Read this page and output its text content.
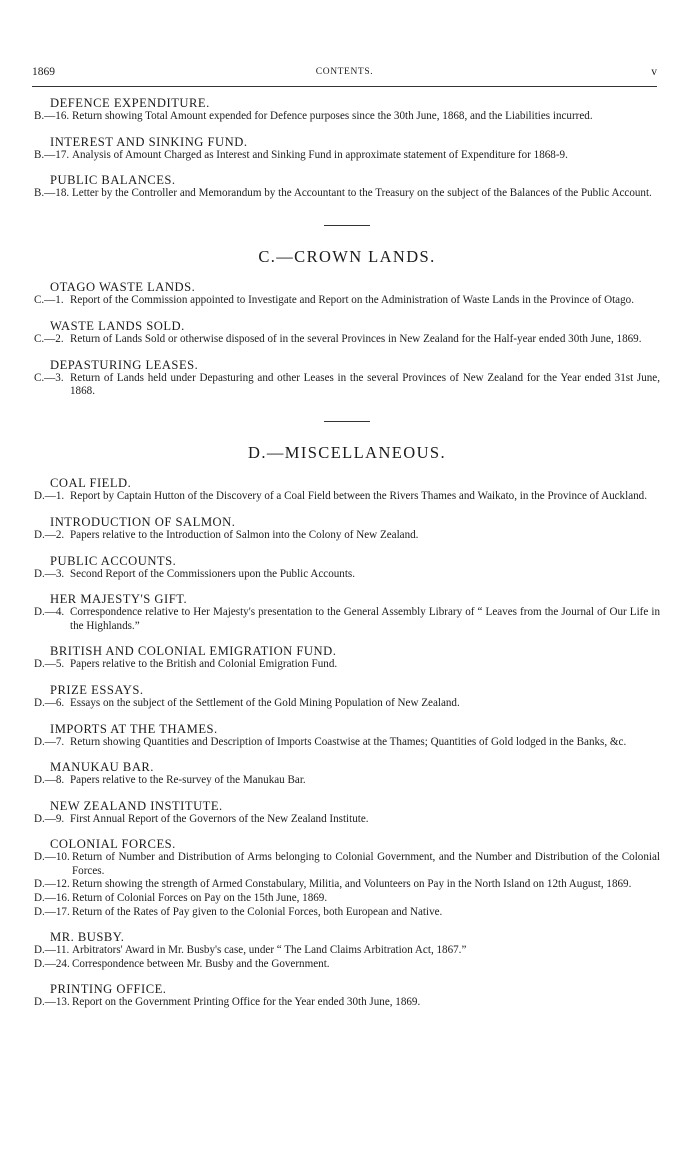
1869	CONTENTS.	v
DEFENCE EXPENDITURE.
B.—16. Return showing Total Amount expended for Defence purposes since the 30th June, 1868, and the Liabilities incurred.
INTEREST AND SINKING FUND.
B.—17. Analysis of Amount Charged as Interest and Sinking Fund in approximate statement of Expenditure for 1868-9.
PUBLIC BALANCES.
B.—18. Letter by the Controller and Memorandum by the Accountant to the Treasury on the subject of the Balances of the Public Account.
C.—CROWN LANDS.
OTAGO WASTE LANDS.
C.—1. Report of the Commission appointed to Investigate and Report on the Administration of Waste Lands in the Province of Otago.
WASTE LANDS SOLD.
C.—2. Return of Lands Sold or otherwise disposed of in the several Provinces in New Zealand for the Half-year ended 30th June, 1869.
DEPASTURING LEASES.
C.—3. Return of Lands held under Depasturing and other Leases in the several Provinces of New Zealand for the Year ended 31st June, 1868.
D.—MISCELLANEOUS.
COAL FIELD.
D.—1. Report by Captain Hutton of the Discovery of a Coal Field between the Rivers Thames and Waikato, in the Province of Auckland.
INTRODUCTION OF SALMON.
D.—2. Papers relative to the Introduction of Salmon into the Colony of New Zealand.
PUBLIC ACCOUNTS.
D.—3. Second Report of the Commissioners upon the Public Accounts.
HER MAJESTY'S GIFT.
D.—4. Correspondence relative to Her Majesty's presentation to the General Assembly Library of “ Leaves from the Journal of Our Life in the Highlands.”
BRITISH AND COLONIAL EMIGRATION FUND.
D.—5. Papers relative to the British and Colonial Emigration Fund.
PRIZE ESSAYS.
D.—6. Essays on the subject of the Settlement of the Gold Mining Population of New Zealand.
IMPORTS AT THE THAMES.
D.—7. Return showing Quantities and Description of Imports Coastwise at the Thames; Quantities of Gold lodged in the Banks, &c.
MANUKAU BAR.
D.—8. Papers relative to the Re-survey of the Manukau Bar.
NEW ZEALAND INSTITUTE.
D.—9. First Annual Report of the Governors of the New Zealand Institute.
COLONIAL FORCES.
D.—10. Return of Number and Distribution of Arms belonging to Colonial Government, and the Number and Distribution of the Colonial Forces.
D.—12. Return showing the strength of Armed Constabulary, Militia, and Volunteers on Pay in the North Island on 12th August, 1869.
D.—16. Return of Colonial Forces on Pay on the 15th June, 1869.
D.—17. Return of the Rates of Pay given to the Colonial Forces, both European and Native.
MR. BUSBY.
D.—11. Arbitrators' Award in Mr. Busby's case, under “ The Land Claims Arbitration Act, 1867.”
D.—24. Correspondence between Mr. Busby and the Government.
PRINTING OFFICE.
D.—13. Report on the Government Printing Office for the Year ended 30th June, 1869.
